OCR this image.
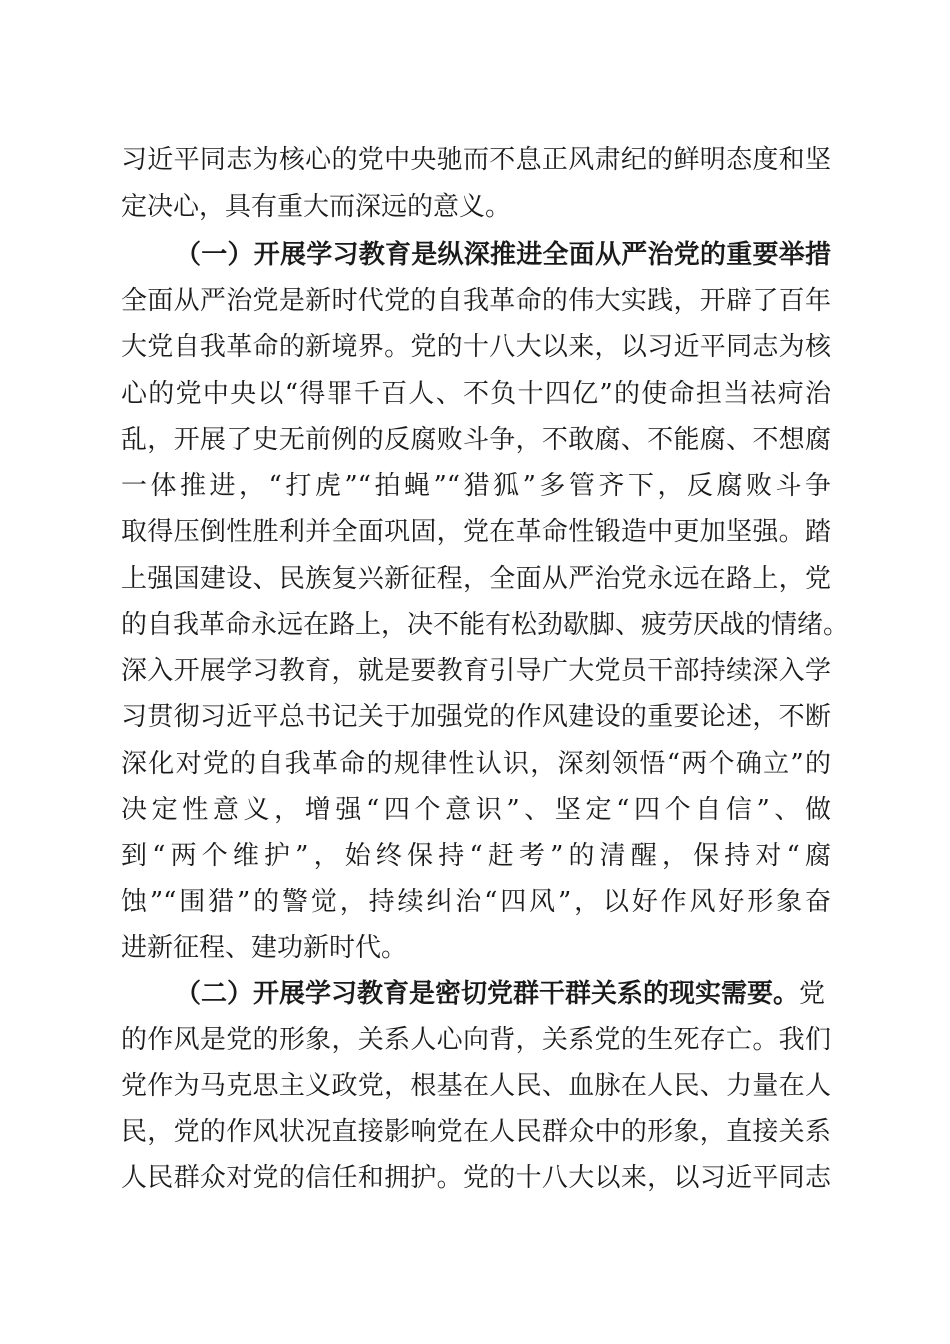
习近平同志为核心的党中央驰而不息正风肃纪的鲜明态度和坚
定决心，具有重大而深远的意义。
（一）开展学习教育是纵深推进全面从严治党的重要举措
全面从严治党是新时代党的自我革命的伟大实践，开辟了百年
大党自我革命的新境界。党的十八大以来，以习近平同志为核
心的党中央以“得罪千百人、不负十四亿”的使命担当祛疴治
乱，开展了史无前例的反腐败斗争，不敢腐、不能腐、不想腐
一体推进，“打虎”“拍蝇”“猎狐”多管齐下，反腐败斗争
取得压倒性胜利并全面巩固，党在革命性锻造中更加坚强。踏
上强国建设、民族复兴新征程，全面从严治党永远在路上，党
的自我革命永远在路上，决不能有松劲歇脚、疲劳厌战的情绪。
深入开展学习教育，就是要教育引导广大党员干部持续深入学
习贯彻习近平总书记关于加强党的作风建设的重要论述，不断
深化对党的自我革命的规律性认识，深刻领悟“两个确立”的
决定性意义，增强“四个意识”、坚定“四个自信”、做
到“两个维护”，始终保持“赶考”的清醒，保持对“腐
蚀”“围猎”的警觉，持续纠治“四风”，以好作风好形象奋
进新征程、建功新时代。
（二）开展学习教育是密切党群干群关系的现实需要。党
的作风是党的形象，关系人心向背，关系党的生死存亡。我们
党作为马克思主义政党，根基在人民、血脉在人民、力量在人
民，党的作风状况直接影响党在人民群众中的形象，直接关系
人民群众对党的信任和拥护。党的十八大以来，以习近平同志
